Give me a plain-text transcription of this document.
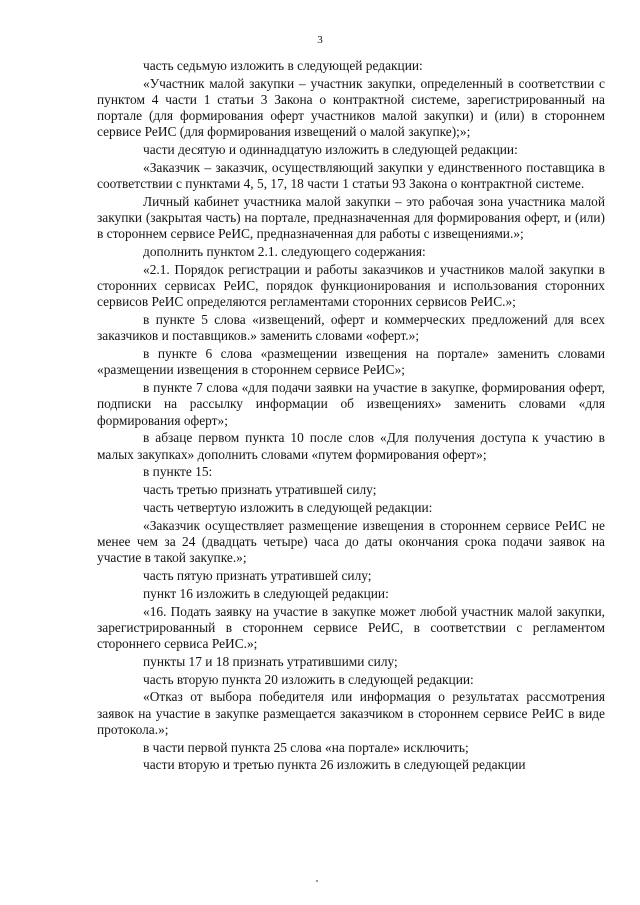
3

часть седьмую изложить в следующей редакции:

«Участник малой закупки – участник закупки, определенный в соответствии с пунктом 4 части 1 статьи 3 Закона о контрактной системе, зарегистрированный на портале (для формирования оферт участников малой закупки) и (или) в стороннем сервисе РеИС (для формирования извещений о малой закупке);»;

части десятую и одиннадцатую изложить в следующей редакции:

«Заказчик – заказчик, осуществляющий закупки у единственного поставщика в соответствии с пунктами 4, 5, 17, 18 части 1 статьи 93 Закона о контрактной системе.

Личный кабинет участника малой закупки – это рабочая зона участника малой закупки (закрытая часть) на портале, предназначенная для формирования оферт, и (или) в стороннем сервисе РеИС, предназначенная для работы с извещениями.»;

дополнить пунктом 2.1. следующего содержания:

«2.1. Порядок регистрации и работы заказчиков и участников малой закупки в сторонних сервисах РеИС, порядок функционирования и использования сторонних сервисов РеИС определяются регламентами сторонних сервисов РеИС.»;

в пункте 5 слова «извещений, оферт и коммерческих предложений для всех заказчиков и поставщиков.» заменить словами «оферт.»;

в пункте 6 слова «размещении извещения на портале» заменить словами «размещении извещения в стороннем сервисе РеИС»;

в пункте 7 слова «для подачи заявки на участие в закупке, формирования оферт, подписки на рассылку информации об извещениях» заменить словами «для формирования оферт»;

в абзаце первом пункта 10 после слов «Для получения доступа к участию в малых закупках» дополнить словами «путем формирования оферт»;

в пункте 15:

часть третью признать утратившей силу;

часть четвертую изложить в следующей редакции:

«Заказчик осуществляет размещение извещения в стороннем сервисе РеИС не менее чем за 24 (двадцать четыре) часа до даты окончания срока подачи заявок на участие в такой закупке.»;

часть пятую признать утратившей силу;

пункт 16 изложить в следующей редакции:

«16. Подать заявку на участие в закупке может любой участник малой закупки, зарегистрированный в стороннем сервисе РеИС, в соответствии с регламентом стороннего сервиса РеИС.»;

пункты 17 и 18 признать утратившими силу;

часть вторую пункта 20 изложить в следующей редакции:

«Отказ от выбора победителя или информация о результатах рассмотрения заявок на участие в закупке размещается заказчиком в стороннем сервисе РеИС в виде протокола.»;

в части первой пункта 25 слова «на портале» исключить;

части вторую и третью пункта 26 изложить в следующей редакции
